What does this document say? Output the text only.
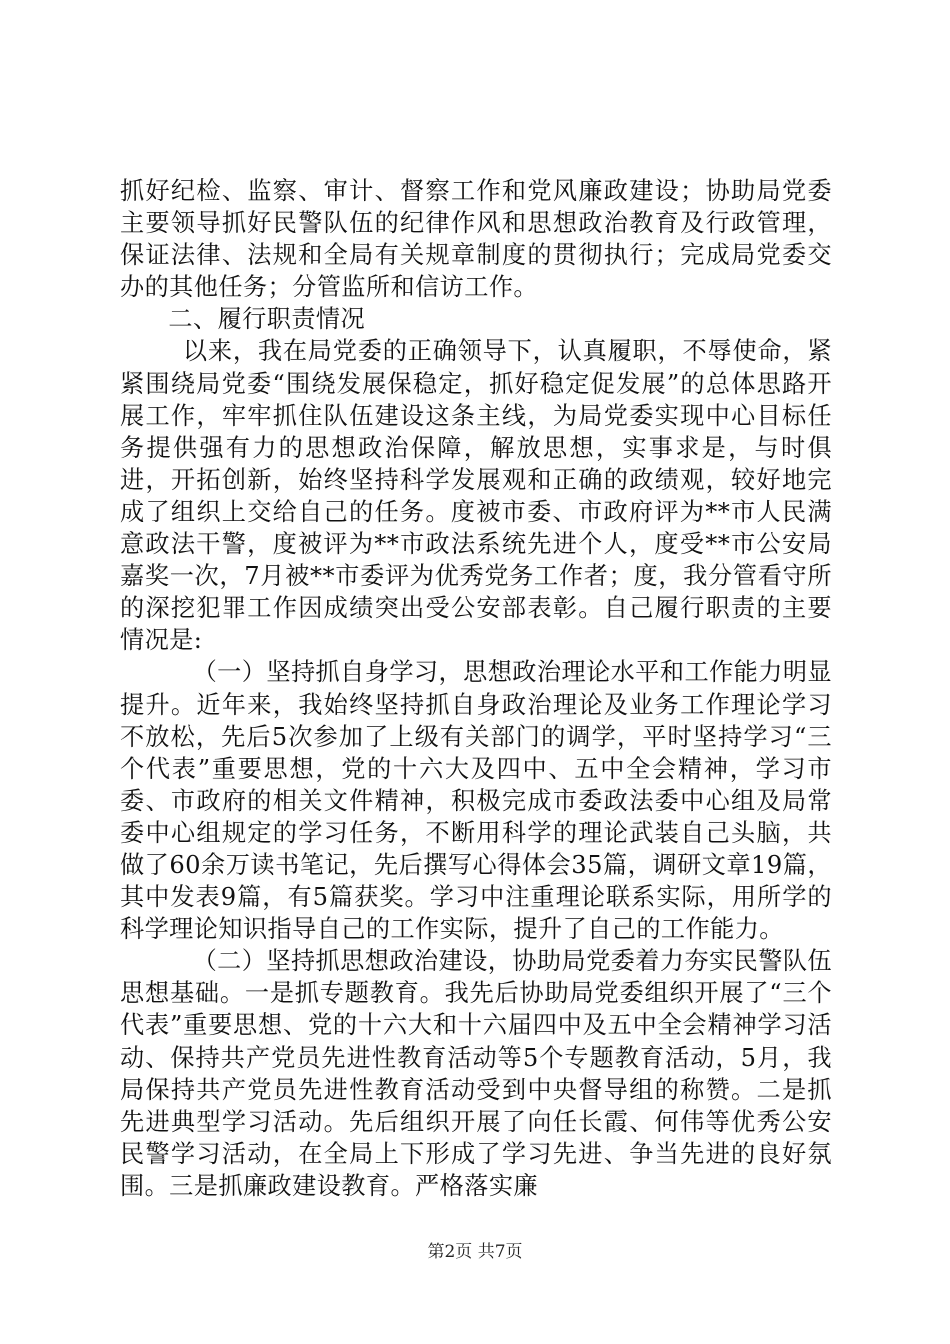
抓好纪检、监察、审计、督察工作和党风廉政建设；协助局党委主要领导抓好民警队伍的纪律作风和思想政治教育及行政管理，保证法律、法规和全局有关规章制度的贯彻执行；完成局党委交办的其他任务；分管监所和信访工作。

二、履行职责情况

以来，我在局党委的正确领导下，认真履职，不辱使命，紧紧围绕局党委“围绕发展保稳定，抓好稳定促发展”的总体思路开展工作，牢牢抓住队伍建设这条主线，为局党委实现中心目标任务提供强有力的思想政治保障，解放思想，实事求是，与时俱进，开拓创新，始终坚持科学发展观和正确的政绩观，较好地完成了组织上交给自己的任务。度被市委、市政府评为**市人民满意政法干警，度被评为**市政法系统先进个人，度受**市公安局嘉奖一次，7月被**市委评为优秀党务工作者；度，我分管看守所的深挖犯罪工作因成绩突出受公安部表彰。自己履行职责的主要情况是:

（一）坚持抓自身学习，思想政治理论水平和工作能力明显提升。近年来，我始终坚持抓自身政治理论及业务工作理论学习不放松，先后5次参加了上级有关部门的调学，平时坚持学习“三个代表”重要思想，党的十六大及四中、五中全会精神，学习市委、市政府的相关文件精神，积极完成市委政法委中心组及局常委中心组规定的学习任务，不断用科学的理论武装自己头脑，共做了60余万读书笔记，先后撰写心得体会35篇，调研文章19篇，其中发表9篇，有5篇获奖。学习中注重理论联系实际，用所学的科学理论知识指导自己的工作实际，提升了自己的工作能力。

（二）坚持抓思想政治建设，协助局党委着力夯实民警队伍思想基础。一是抓专题教育。我先后协助局党委组织开展了“三个代表”重要思想、党的十六大和十六届四中及五中全会精神学习活动、保持共产党员先进性教育活动等5个专题教育活动，5月，我局保持共产党员先进性教育活动受到中央督导组的称赞。二是抓先进典型学习活动。先后组织开展了向任长霞、何伟等优秀公安民警学习活动，在全局上下形成了学习先进、争当先进的良好氛围。三是抓廉政建设教育。严格落实廉

第2页 共7页
